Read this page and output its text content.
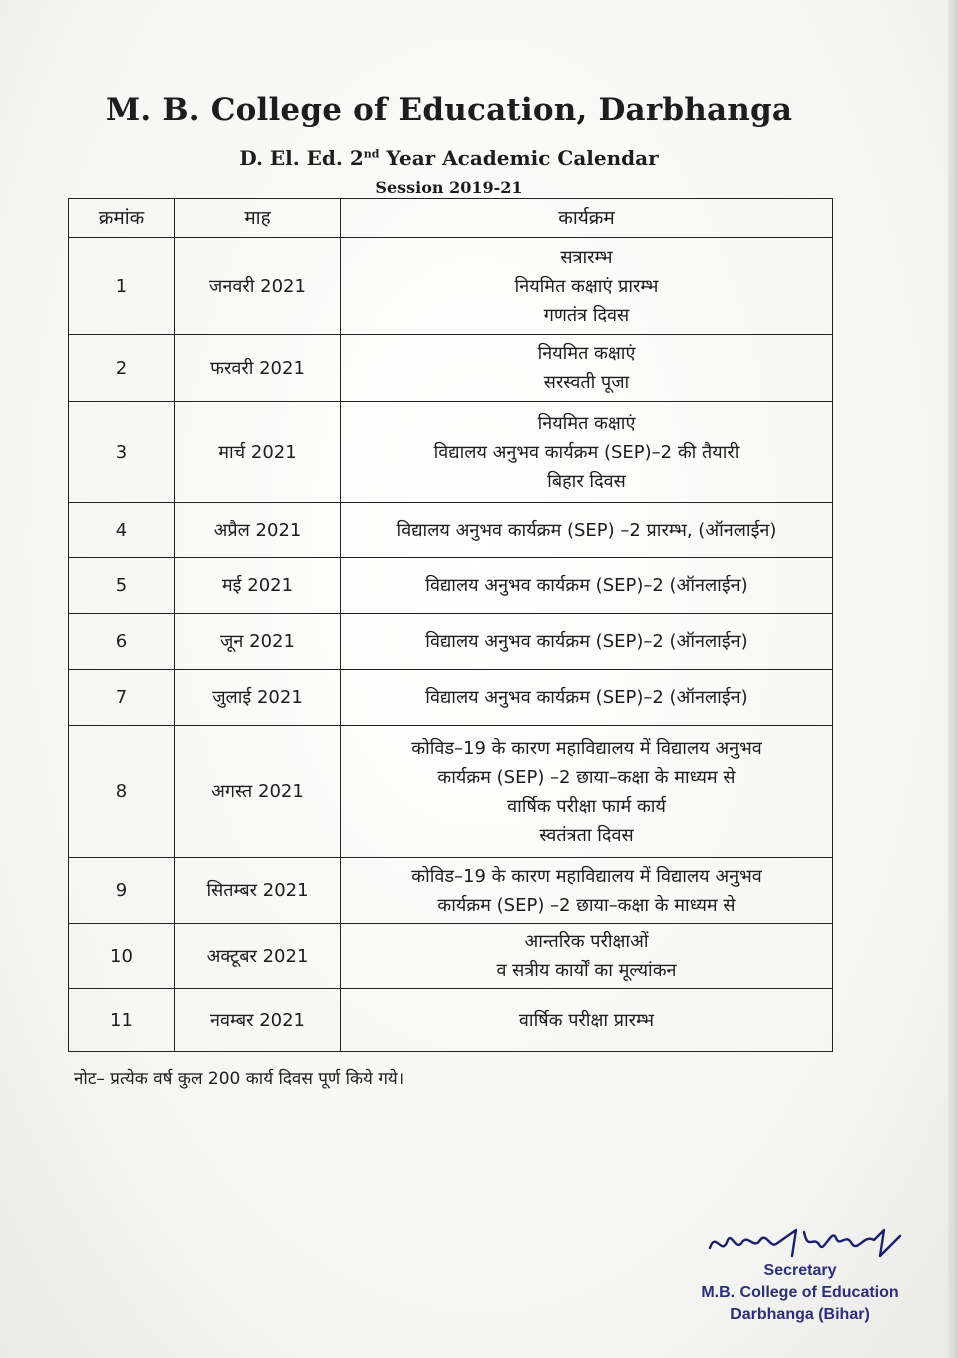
M. B. College of Education, Darbhanga
D. El. Ed. 2nd Year Academic Calendar
Session 2019-21
क्रमांक	माह	कार्यक्रम
1	जनवरी 2021	सत्रारम्भ
नियमित कक्षाएं प्रारम्भ
गणतंत्र दिवस

2	फरवरी 2021	नियमित कक्षाएं
सरस्वती पूजा

3	मार्च 2021	नियमित कक्षाएं
विद्यालय अनुभव कार्यक्रम (SEP)–2 की तैयारी
बिहार दिवस

4	अप्रैल 2021	विद्यालय अनुभव कार्यक्रम (SEP) –2 प्रारम्भ, (ऑनलाईन)

5	मई 2021	विद्यालय अनुभव कार्यक्रम (SEP)–2 (ऑनलाईन)

6	जून 2021	विद्यालय अनुभव कार्यक्रम (SEP)–2 (ऑनलाईन)

7	जुलाई 2021	विद्यालय अनुभव कार्यक्रम (SEP)–2 (ऑनलाईन)

8	अगस्त 2021	कोविड–19 के कारण महाविद्यालय में विद्यालय अनुभव
कार्यक्रम (SEP) –2 छाया–कक्षा के माध्यम से
वार्षिक परीक्षा फार्म कार्य
स्वतंत्रता दिवस

9	सितम्बर 2021	कोविड–19 के कारण महाविद्यालय में विद्यालय अनुभव
कार्यक्रम (SEP) –2 छाया–कक्षा के माध्यम से

10	अक्टूबर 2021	आन्तरिक परीक्षाओं
व सत्रीय कार्यों का मूल्यांकन

11	नवम्बर 2021	वार्षिक परीक्षा प्रारम्भ
नोट– प्रत्येक वर्ष कुल 200 कार्य दिवस पूर्ण किये गये।
Secretary
M.B. College of Education
Darbhanga (Bihar)
